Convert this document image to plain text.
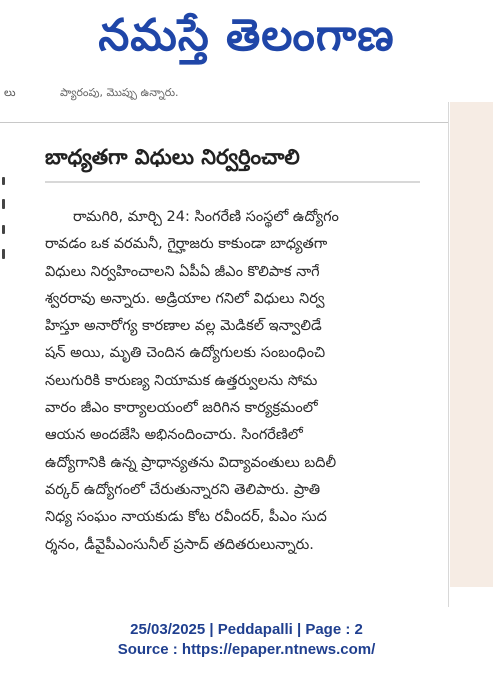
నమస్తే తెలంగాణ
లు	ప్యారంపు, మొప్పు ఉన్నారు.
బాధ్యతగా విధులు నిర్వర్తించాలి
రామగిరి, మార్చి 24: సింగరేణి సంస్థలో ఉద్యోగం
రావడం ఒక వరమనీ, గైర్హాజరు కాకుండా బాధ్యతగా
విధులు నిర్వహించాలని ఏపీఏ జీఎం కొలిపాక నాగే
శ్వరరావు అన్నారు. అడ్రియాల గనిలో విధులు నిర్వ
హిస్తూ అనారోగ్య కారణాల వల్ల మెడికల్ ఇన్వాలిడే
షన్ అయి, మృతి చెందిన ఉద్యోగులకు సంబంధించి
నలుగురికి కారుణ్య నియామక ఉత్తర్వులను సోమ
వారం జీఎం కార్యాలయంలో జరిగిన కార్యక్రమంలో
ఆయన అందజేసి అభినందించారు. సింగరేణిలో
ఉద్యోగానికి ఉన్న ప్రాధాన్యతను విద్యావంతులు బదిలీ
వర్కర్ ఉద్యోగంలో చేరుతున్నారని తెలిపారు. ప్రాతి
నిధ్య సంఘం నాయకుడు కోట రవీందర్, పీఎం సుద
ర్శనం, డీవైపీఎంసునీల్ ప్రసాద్ తదితరులున్నారు.
25/03/2025 | Peddapalli | Page : 2
Source : https://epaper.ntnews.com/
